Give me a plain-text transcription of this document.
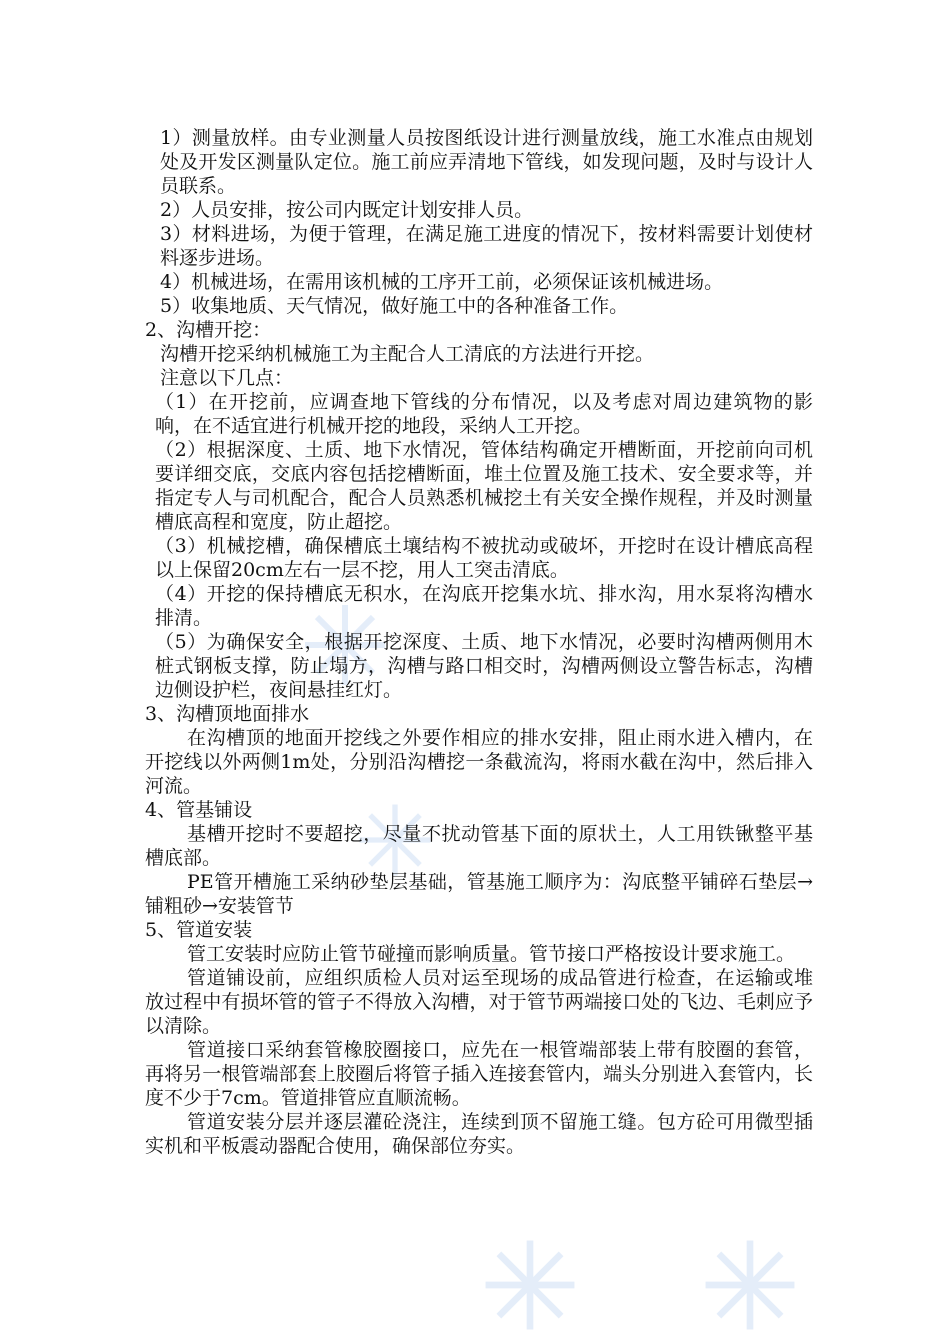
1）测量放样。由专业测量人员按图纸设计进行测量放线，施工水准点由规划处及开发区测量队定位。施工前应弄清地下管线，如发现问题，及时与设计人员联系。

2）人员安排，按公司内既定计划安排人员。

3）材料进场，为便于管理，在满足施工进度的情况下，按材料需要计划使材料逐步进场。

4）机械进场，在需用该机械的工序开工前，必须保证该机械进场。

5）收集地质、天气情况，做好施工中的各种准备工作。

2、沟槽开挖：

沟槽开挖采纳机械施工为主配合人工清底的方法进行开挖。

注意以下几点：

（1）在开挖前，应调查地下管线的分布情况，以及考虑对周边建筑物的影响，在不适宜进行机械开挖的地段，采纳人工开挖。

（2）根据深度、土质、地下水情况，管体结构确定开槽断面，开挖前向司机要详细交底，交底内容包括挖槽断面，堆土位置及施工技术、安全要求等，并指定专人与司机配合，配合人员熟悉机械挖土有关安全操作规程，并及时测量槽底高程和宽度，防止超挖。

（3）机械挖槽，确保槽底土壤结构不被扰动或破坏，开挖时在设计槽底高程以上保留20cm左右一层不挖，用人工突击清底。

（4）开挖的保持槽底无积水，在沟底开挖集水坑、排水沟，用水泵将沟槽水排清。

（5）为确保安全，根据开挖深度、土质、地下水情况，必要时沟槽两侧用木桩式钢板支撑，防止塌方，沟槽与路口相交时，沟槽两侧设立警告标志，沟槽边侧设护栏，夜间悬挂红灯。

3、沟槽顶地面排水

在沟槽顶的地面开挖线之外要作相应的排水安排，阻止雨水进入槽内，在开挖线以外两侧1m处，分别沿沟槽挖一条截流沟，将雨水截在沟中，然后排入河流。

4、管基铺设

基槽开挖时不要超挖，尽量不扰动管基下面的原状土，人工用铁锹整平基槽底部。

PE管开槽施工采纳砂垫层基础，管基施工顺序为：沟底整平铺碎石垫层→铺粗砂→安装管节

5、管道安装

管工安装时应防止管节碰撞而影响质量。管节接口严格按设计要求施工。

管道铺设前，应组织质检人员对运至现场的成品管进行检查，在运输或堆放过程中有损坏管的管子不得放入沟槽，对于管节两端接口处的飞边、毛刺应予以清除。

管道接口采纳套管橡胶圈接口，应先在一根管端部装上带有胶圈的套管，再将另一根管端部套上胶圈后将管子插入连接套管内，端头分别进入套管内，长度不少于7cm。管道排管应直顺流畅。

管道安装分层并逐层灌砼浇注，连续到顶不留施工缝。包方砼可用微型插实机和平板震动器配合使用，确保部位夯实。
